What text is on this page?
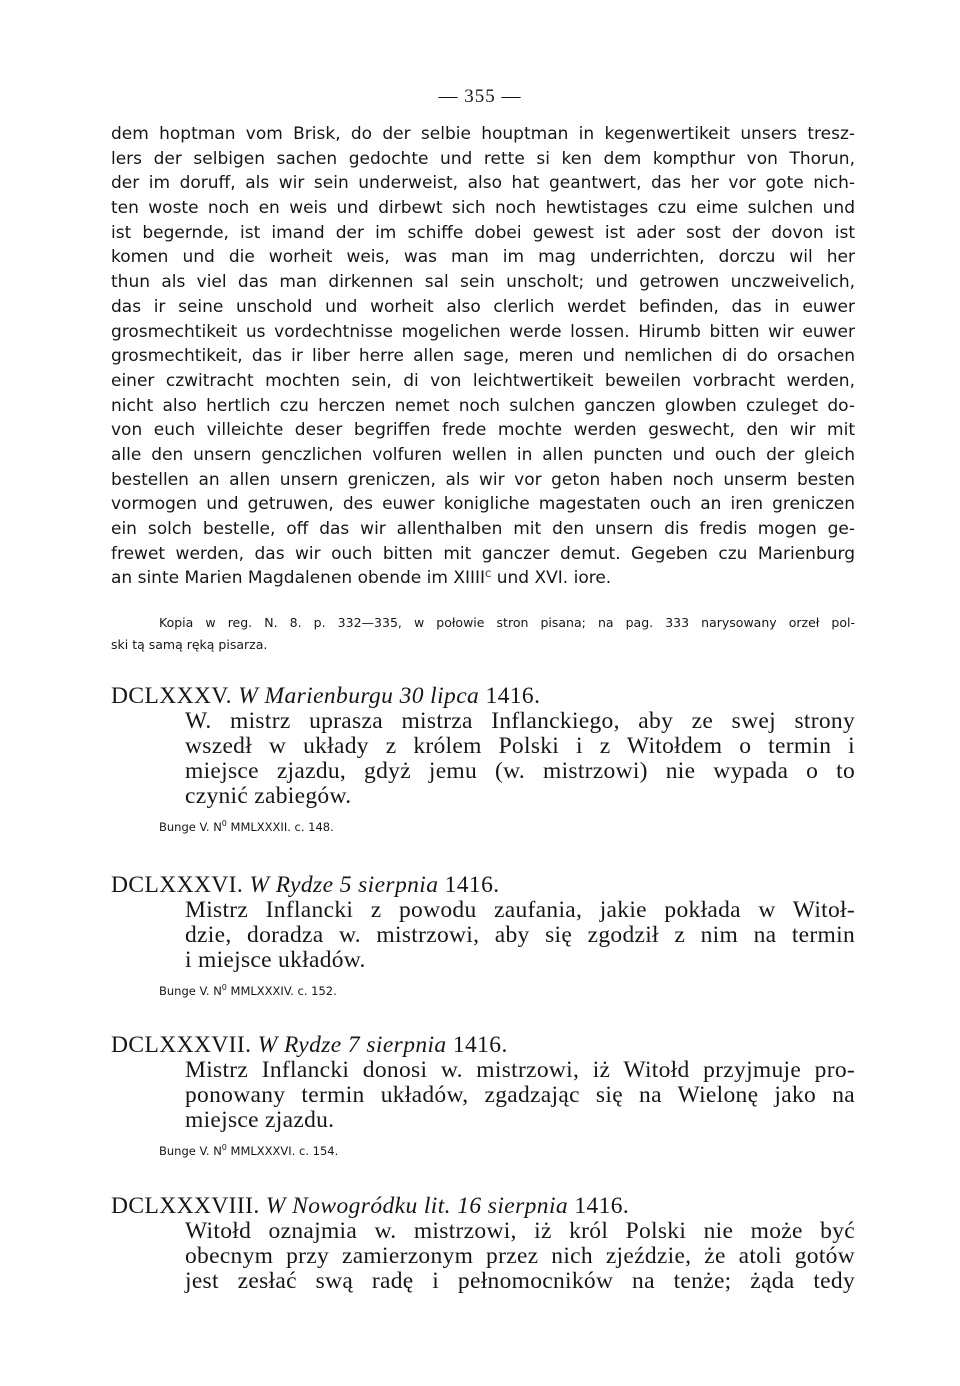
— 355 —
dem hoptman vom Brisk, do der selbie houptman in kegenwertikeit unsers tresz-
lers der selbigen sachen gedochte und rette si ken dem kompthur von Thorun,
der im doruff, als wir sein underweist, also hat geantwert, das her vor gote nich-
ten woste noch en weis und dirbewt sich noch hewtistages czu eime sulchen und
ist begernde, ist imand der im schiffe dobei gewest ist ader sost der dovon ist
komen und die worheit weis, was man im mag underrichten, dorczu wil her
thun als viel das man dirkennen sal sein unscholt; und getrowen unczweivelich,
das ir seine unschold und worheit also clerlich werdet befinden, das in euwer
grosmechtikeit us vordechtnisse mogelichen werde lossen. Hirumb bitten wir euwer
grosmechtikeit, das ir liber herre allen sage, meren und nemlichen di do orsachen
einer czwitracht mochten sein, di von leichtwertikeit beweilen vorbracht werden,
nicht also hertlich czu herczen nemet noch sulchen ganczen glowben czuleget do-
von euch villeichte deser begriffen frede mochte werden geswecht, den wir mit
alle den unsern genczlichen volfuren wellen in allen puncten und ouch der gleich
bestellen an allen unsern greniczen, als wir vor geton haben noch unserm besten
vormogen und getruwen, des euwer konigliche magestaten ouch an iren greniczen
ein solch bestelle, off das wir allenthalben mit den unsern dis fredis mogen ge-
frewet werden, das wir ouch bitten mit ganczer demut. Gegeben czu Marienburg
an sinte Marien Magdalenen obende im $XIIII^C$ und XVI. iore.
Kopia w reg. N. 8. p. 332—335, w połowie stron pisana; na pag. 333 narysowany orzeł pol-
ski tą samą ręką pisarza.
DCLXXXV. W Marienburgu 30 lipca 1416.
W. mistrz uprasza mistrza Inflanckiego, aby ze swej strony
wszedł w układy z królem Polski i z Witołdem o termin i
miejsce zjazdu, gdyż jemu (w. mistrzowi) nie wypada o to
czynić zabiegów.
Bunge V. $N^0$ MMLXXXII. c. 148.
DCLXXXVI. W Rydze 5 sierpnia 1416.
Mistrz Inflancki z powodu zaufania, jakie pokłada w Witoł-
dzie, doradza w. mistrzowi, aby się zgodził z nim na termin
i miejsce układów.
Bunge V. $N^0$ MMLXXXIV. c. 152.
DCLXXXVII. W Rydze 7 sierpnia 1416.
Mistrz Inflancki donosi w. mistrzowi, iż Witołd przyjmuje pro-
ponowany termin układów, zgadzając się na Wielonę jako na
miejsce zjazdu.
Bunge V. $N^0$ MMLXXXVI. c. 154.
DCLXXXVIII. W Nowogródku lit. 16 sierpnia 1416.
Witołd oznajmia w. mistrzowi, iż król Polski nie może być
obecnym przy zamierzonym przez nich zjeździe, że atoli gotów
jest zesłać swą radę i pełnomocników na tenże; żąda tedy
